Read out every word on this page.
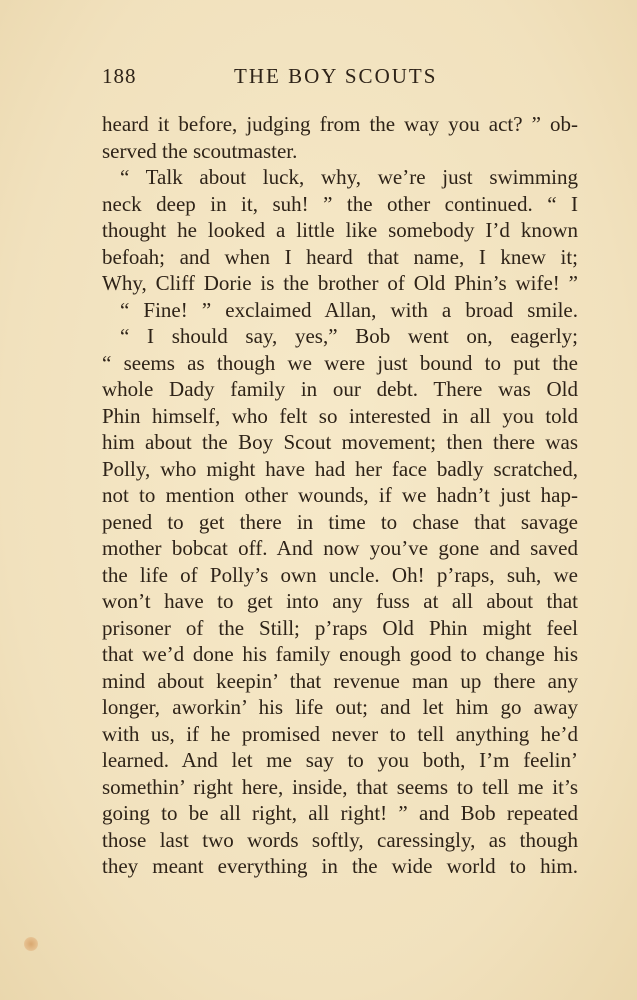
188	THE BOY SCOUTS
heard it before, judging from the way you act? ” ob-
served the scoutmaster.
“ Talk about luck, why, we’re just swimming
neck deep in it, suh! ” the other continued. “ I
thought he looked a little like somebody I’d known
befoah; and when I heard that name, I knew it;
Why, Cliff Dorie is the brother of Old Phin’s wife! ”
“ Fine! ” exclaimed Allan, with a broad smile.
“ I should say, yes,” Bob went on, eagerly;
“ seems as though we were just bound to put the
whole Dady family in our debt. There was Old
Phin himself, who felt so interested in all you told
him about the Boy Scout movement; then there was
Polly, who might have had her face badly scratched,
not to mention other wounds, if we hadn’t just hap-
pened to get there in time to chase that savage
mother bobcat off. And now you’ve gone and saved
the life of Polly’s own uncle. Oh! p’raps, suh, we
won’t have to get into any fuss at all about that
prisoner of the Still; p’raps Old Phin might feel
that we’d done his family enough good to change his
mind about keepin’ that revenue man up there any
longer, aworkin’ his life out; and let him go away
with us, if he promised never to tell anything he’d
learned. And let me say to you both, I’m feelin’
somethin’ right here, inside, that seems to tell me it’s
going to be all right, all right! ” and Bob repeated
those last two words softly, caressingly, as though
they meant everything in the wide world to him.
